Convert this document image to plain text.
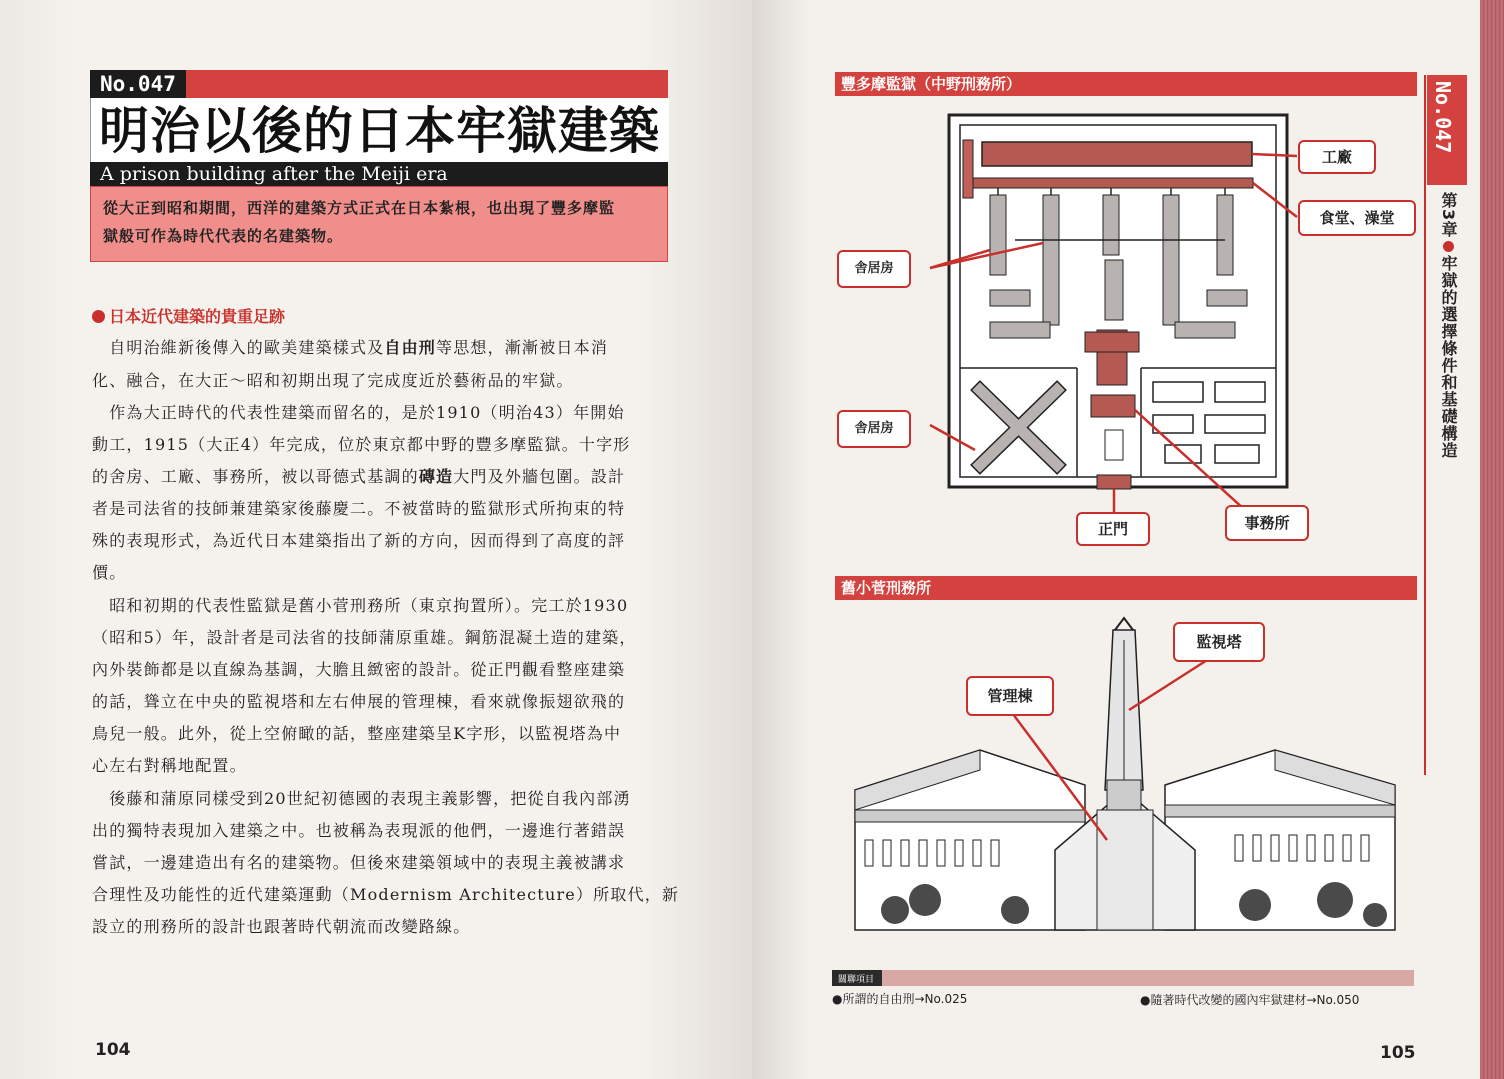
No.047
明治以後的日本牢獄建築
A prison building after the Meiji era
從大正到昭和期間，西洋的建築方式正式在日本紮根，也出現了豐多摩監
獄般可作為時代代表的名建築物。
日本近代建築的貴重足跡
　自明治維新後傳入的歐美建築樣式及自由刑等思想，漸漸被日本消
化、融合，在大正～昭和初期出現了完成度近於藝術品的牢獄。
　作為大正時代的代表性建築而留名的，是於1910（明治43）年開始
動工，1915（大正4）年完成，位於東京都中野的豐多摩監獄。十字形
的舍房、工廠、事務所，被以哥德式基調的磚造大門及外牆包圍。設計
者是司法省的技師兼建築家後藤慶二。不被當時的監獄形式所拘束的特
殊的表現形式，為近代日本建築指出了新的方向，因而得到了高度的評
價。
　昭和初期的代表性監獄是舊小菅刑務所（東京拘置所）。完工於1930
（昭和5）年，設計者是司法省的技師蒲原重雄。鋼筋混凝土造的建築，
內外裝飾都是以直線為基調，大膽且緻密的設計。從正門觀看整座建築
的話，聳立在中央的監視塔和左右伸展的管理棟，看來就像振翅欲飛的
鳥兒一般。此外，從上空俯瞰的話，整座建築呈K字形，以監視塔為中
心左右對稱地配置。
　後藤和蒲原同樣受到20世紀初德國的表現主義影響，把從自我內部湧
出的獨特表現加入建築之中。也被稱為表現派的他們，一邊進行著錯誤
嘗試，一邊建造出有名的建築物。但後來建築領域中的表現主義被講求
合理性及功能性的近代建築運動（Modernism Architecture）所取代，新
設立的刑務所的設計也跟著時代朝流而改變路線。
104	105
No.047
第3章牢獄的選擇條件和基礎構造
豐多摩監獄（中野刑務所）
工廠
食堂、澡堂
舎居房
舎居房
正門	事務所
舊小菅刑務所
監視塔
管理棟
關聯項目
●所謂的自由刑→No.025	●隨著時代改變的國內牢獄建材→No.050
